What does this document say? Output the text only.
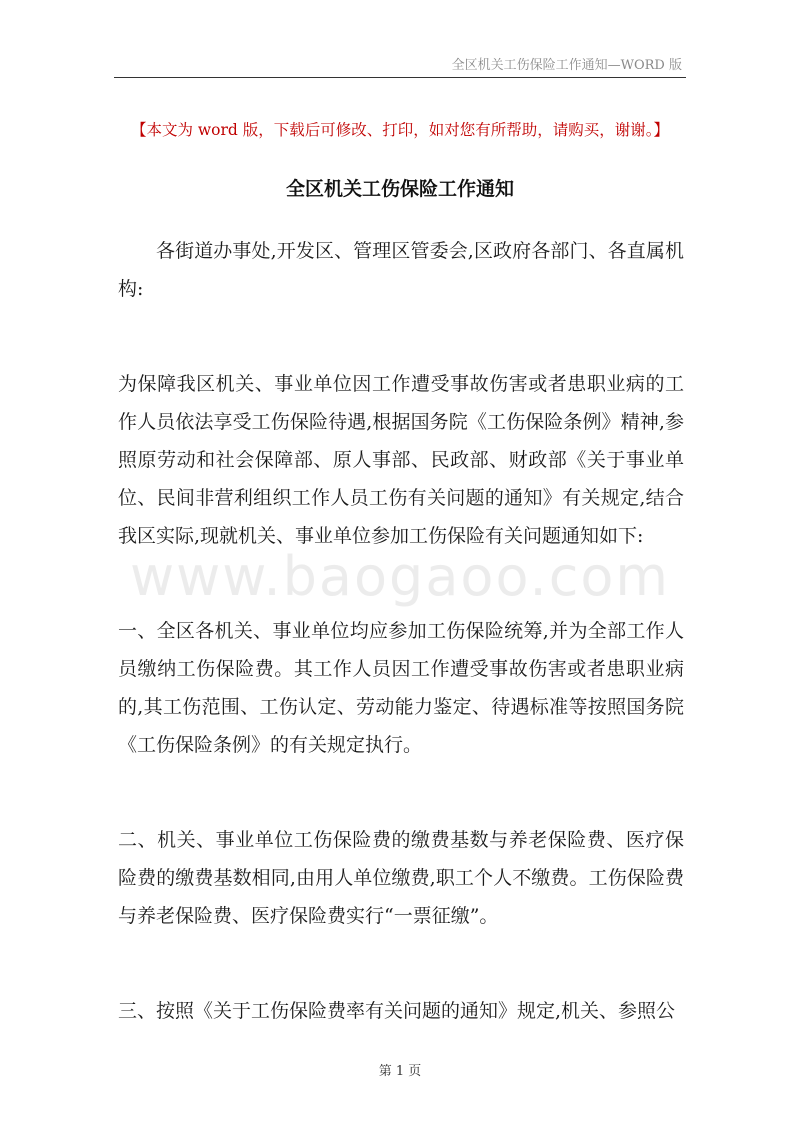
全区机关工伤保险工作通知—WORD 版
【本文为 word 版，下载后可修改、打印，如对您有所帮助，请购买，谢谢。】
全区机关工伤保险工作通知
www.baogaoo.com

各街道办事处,开发区、管理区管委会,区政府各部门、各直属机构:

为保障我区机关、事业单位因工作遭受事故伤害或者患职业病的工作人员依法享受工伤保险待遇,根据国务院《工伤保险条例》精神,参照原劳动和社会保障部、原人事部、民政部、财政部《关于事业单位、民间非营利组织工作人员工伤有关问题的通知》有关规定,结合我区实际,现就机关、事业单位参加工伤保险有关问题通知如下:

一、全区各机关、事业单位均应参加工伤保险统筹,并为全部工作人员缴纳工伤保险费。其工作人员因工作遭受事故伤害或者患职业病的,其工伤范围、工伤认定、劳动能力鉴定、待遇标准等按照国务院《工伤保险条例》的有关规定执行。

二、机关、事业单位工伤保险费的缴费基数与养老保险费、医疗保险费的缴费基数相同,由用人单位缴费,职工个人不缴费。工伤保险费与养老保险费、医疗保险费实行“一票征缴”。

三、按照《关于工伤保险费率有关问题的通知》规定,机关、参照公

第 1 页
